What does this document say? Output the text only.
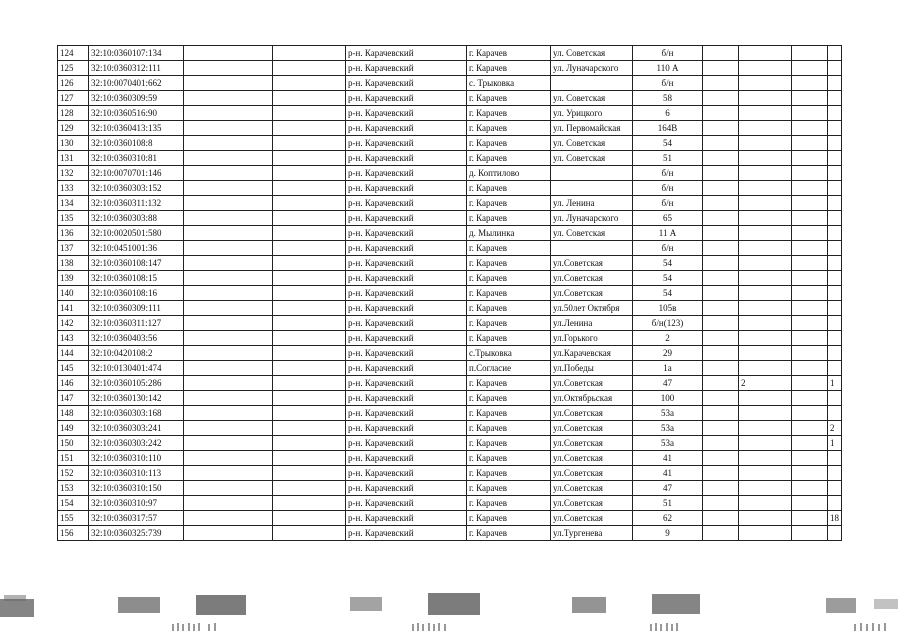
124	32:10:0360107:134			р-н. Карачевский	г. Карачев	ул. Советская	б/н				
125	32:10:0360312:111			р-н. Карачевский	г. Карачев	ул. Луначарского	110 А				
126	32:10:0070401:662			р-н. Карачевский	с. Трыковка		б/н				
127	32:10:0360309:59			р-н. Карачевский	г. Карачев	ул. Советская	58				
128	32:10:0360516:90			р-н. Карачевский	г. Карачев	ул. Урицкого	6				
129	32:10:0360413:135			р-н. Карачевский	г. Карачев	ул. Первомайская	164В				
130	32:10:0360108:8			р-н. Карачевский	г. Карачев	ул. Советская	54				
131	32:10:0360310:81			р-н. Карачевский	г. Карачев	ул. Советская	51				
132	32:10:0070701:146			р-н. Карачевский	д. Коптилово		б/н				
133	32:10:0360303:152			р-н. Карачевский	г. Карачев		б/н				
134	32:10:0360311:132			р-н. Карачевский	г. Карачев	ул. Ленина	б/н				
135	32:10:0360303:88			р-н. Карачевский	г. Карачев	ул. Луначарского	65				
136	32:10:0020501:580			р-н. Карачевский	д. Мылинка	ул. Советская	11 А				
137	32:10:0451001:36			р-н. Карачевский	г. Карачев		б/н				
138	32:10:0360108:147			р-н. Карачевский	г. Карачев	ул.Советская	54				
139	32:10:0360108:15			р-н. Карачевский	г. Карачев	ул.Советская	54				
140	32:10:0360108:16			р-н. Карачевский	г. Карачев	ул.Советская	54				
141	32:10:0360309:111			р-н. Карачевский	г. Карачев	ул.50лет Октября	105в				
142	32:10:0360311:127			р-н. Карачевский	г. Карачев	ул.Ленина	б/н(123)				
143	32:10:0360403:56			р-н. Карачевский	г. Карачев	ул.Горького	2				
144	32:10:0420108:2			р-н. Карачевский	с.Трыковка	ул.Карачевская	29				
145	32:10:0130401:474			р-н. Карачевский	п.Согласие	ул.Победы	1а				
146	32:10:0360105:286			р-н. Карачевский	г. Карачев	ул.Советская	47		2		1
147	32:10:0360130:142			р-н. Карачевский	г. Карачев	ул.Октябрьская	100				
148	32:10:0360303:168			р-н. Карачевский	г. Карачев	ул.Советская	53а				
149	32:10:0360303:241			р-н. Карачевский	г. Карачев	ул.Советская	53а				2
150	32:10:0360303:242			р-н. Карачевский	г. Карачев	ул.Советская	53а				1
151	32:10:0360310:110			р-н. Карачевский	г. Карачев	ул.Советская	41				
152	32:10:0360310:113			р-н. Карачевский	г. Карачев	ул.Советская	41				
153	32:10:0360310:150			р-н. Карачевский	г. Карачев	ул.Советская	47				
154	32:10:0360310:97			р-н. Карачевский	г. Карачев	ул.Советская	51				
155	32:10:0360317:57			р-н. Карачевский	г. Карачев	ул.Советская	62				18
156	32:10:0360325:739			р-н. Карачевский	г. Карачев	ул.Тургенева	9				
